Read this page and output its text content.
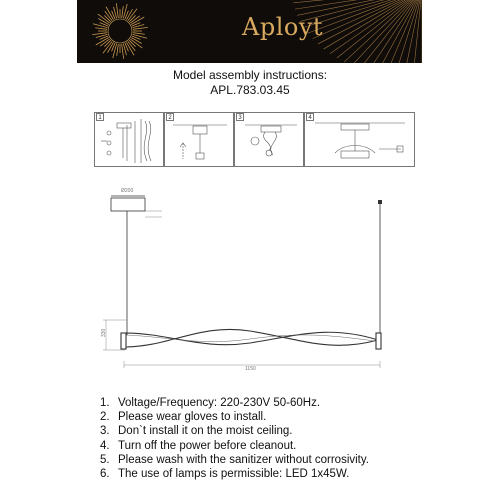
Aployt
Model assembly instructions:
APL.783.03.45
1	2	3	4
Ø200
330
1150
1. Voltage/Frequency: 220-230V 50-60Hz.
2. Please wear gloves to install.
3. Don`t install it on the moist ceiling.
4. Turn off the power before cleanout.
5. Please wash with the sanitizer without corrosivity.
6. The use of lamps is permissible: LED 1x45W.
